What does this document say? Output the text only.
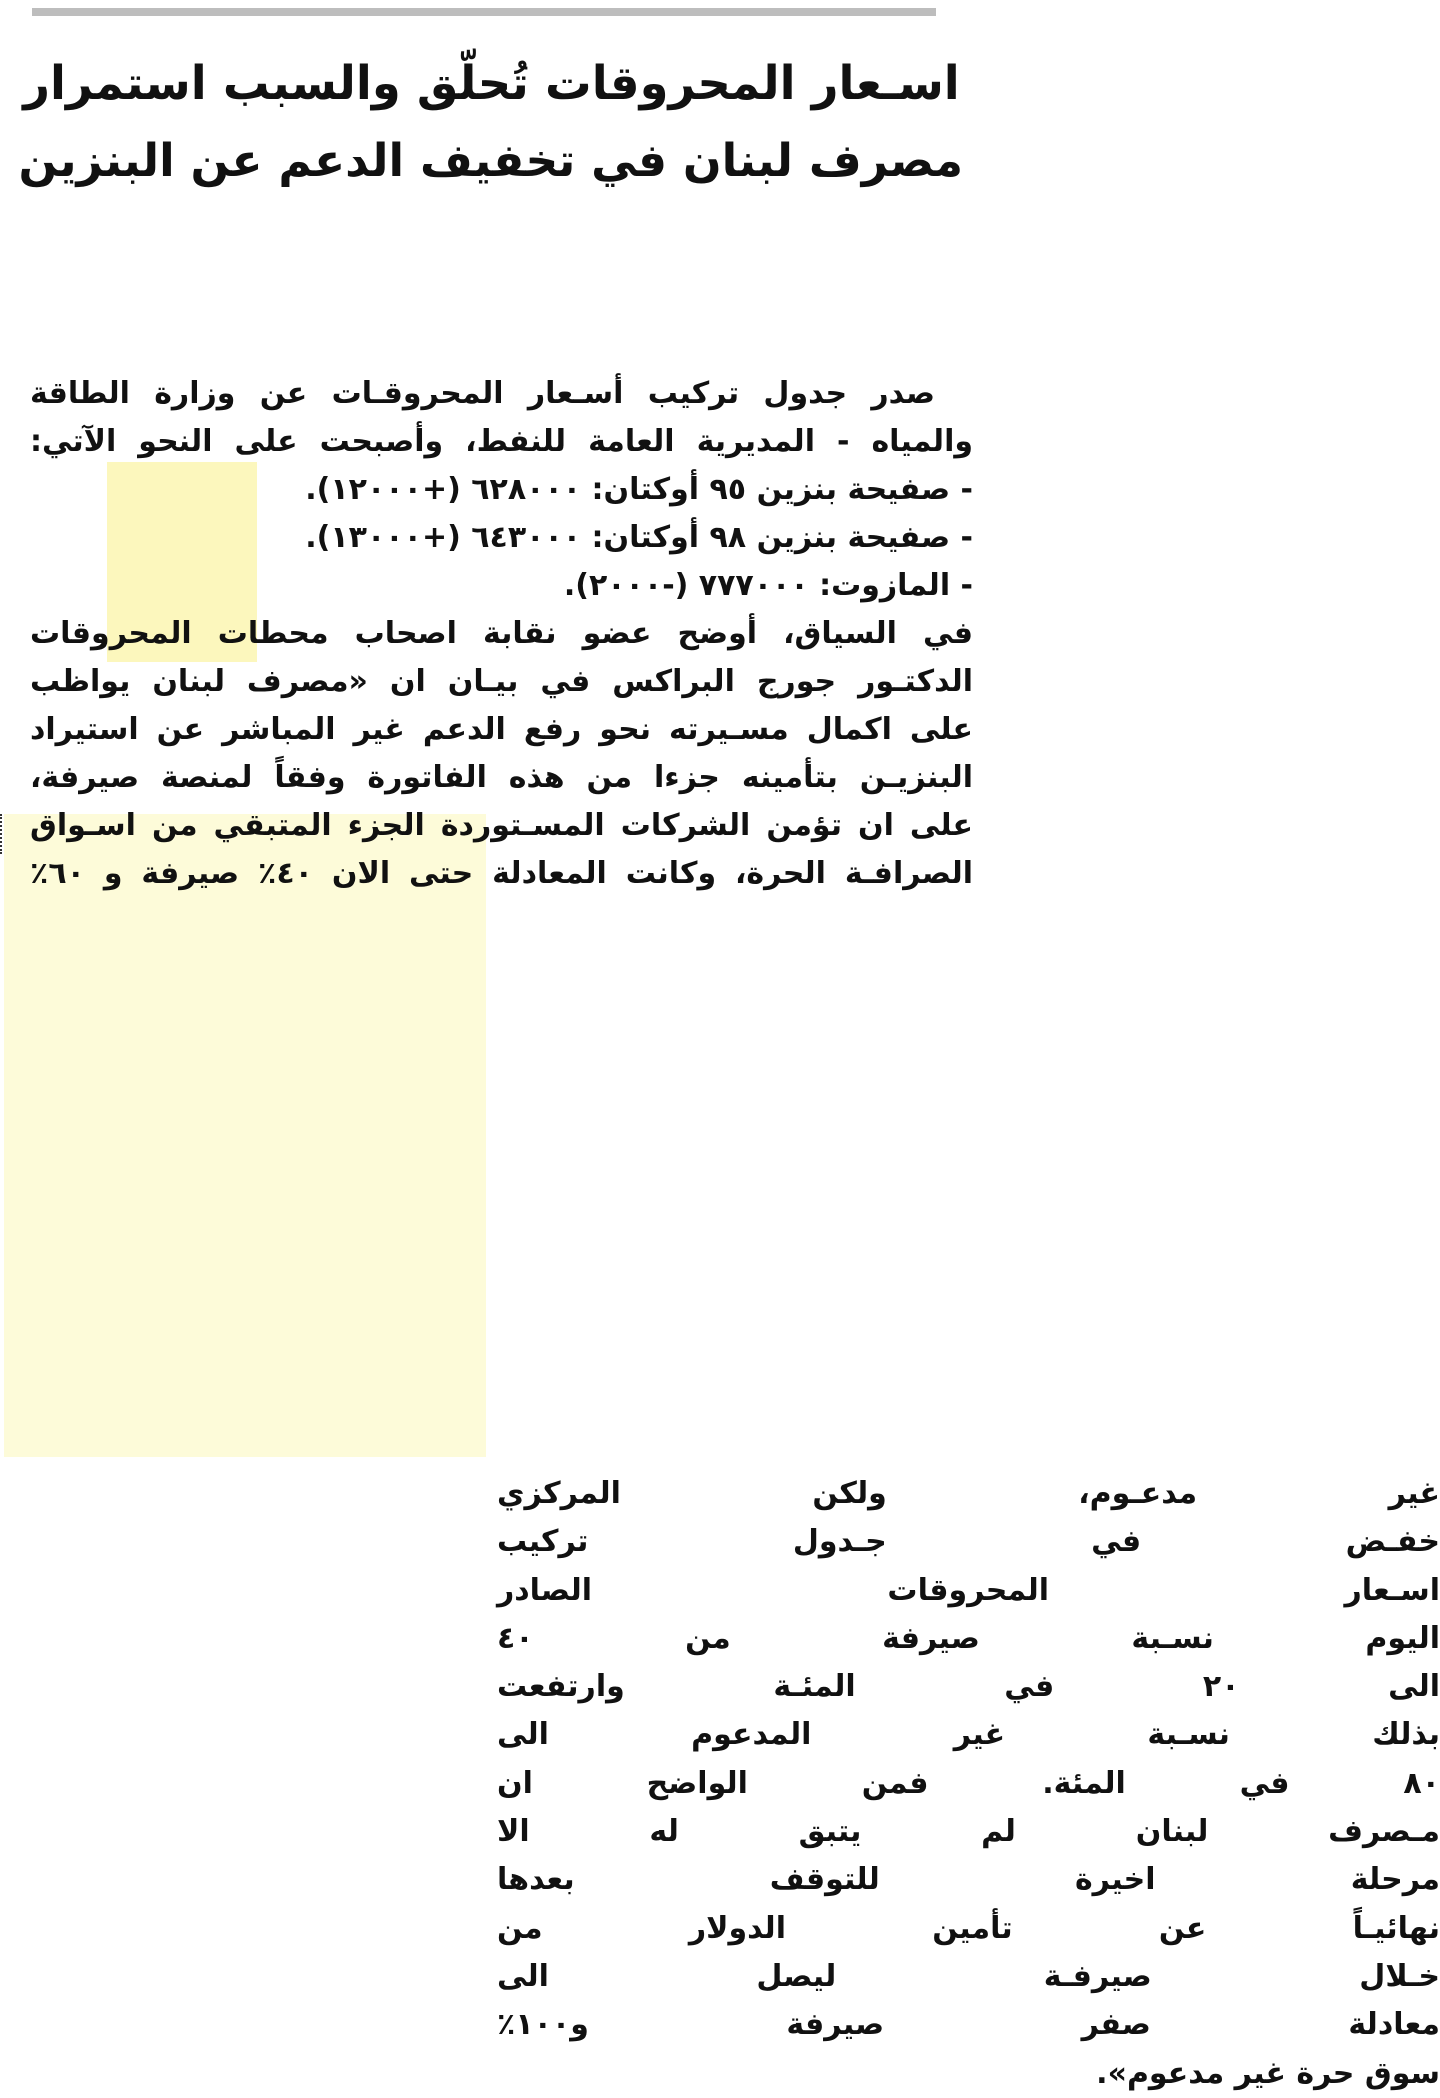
اسـعار المحروقات تُحلّق والسبب استمرار
مصرف لبنان في تخفيف الدعم عن البنزين
صدر جدول تركيب أسـعار المحروقـات عن وزارة الطاقة
والمياه - المديرية العامة للنفط، وأصبحت على النحو الآتي:
- صفيحة بنزين ٩٥ أوكتان: ٦٢٨٠٠٠ (+١٢٠٠٠).
- صفيحة بنزين ٩٨ أوكتان: ٦٤٣٠٠٠ (+١٣٠٠٠).
- المازوت: ٧٧٧٠٠٠ (-٢٠٠٠).
في السياق، أوضح عضو نقابة اصحاب محطات المحروقات
الدكتـور جورج البراكس في بيـان ان «مصرف لبنان يواظب
على اكمال مسـيرته نحو رفع الدعم غير المباشر عن استيراد
البنزيـن بتأمينه جزءا من هذه الفاتورة وفقاً لمنصة صيرفة،
على ان تؤمن الشركات المسـتوردة الجزء المتبقي من اسـواق
الصرافـة الحرة، وكانت المعادلة حتى الان ٤٠٪ صيرفة و ٦٠٪
غير مدعـوم، ولكن المركزي
خفـض في جـدول تركيب
اسـعار المحروقات الصادر
اليوم نسـبة صيرفة من ٤٠
الى ٢٠ في المئـة وارتفعت
بذلك نسـبة غير المدعوم الى
٨٠ في المئة. فمن الواضح ان
مـصرف لبنان لم يتبق له الا
مرحلة اخيرة للتوقف بعدها
نهائيـاً عن تأمين الدولار من
خـلال صيرفـة ليصل الى
معادلة صفر صيرفة و١٠٠٪
سوق حرة غير مدعوم».
